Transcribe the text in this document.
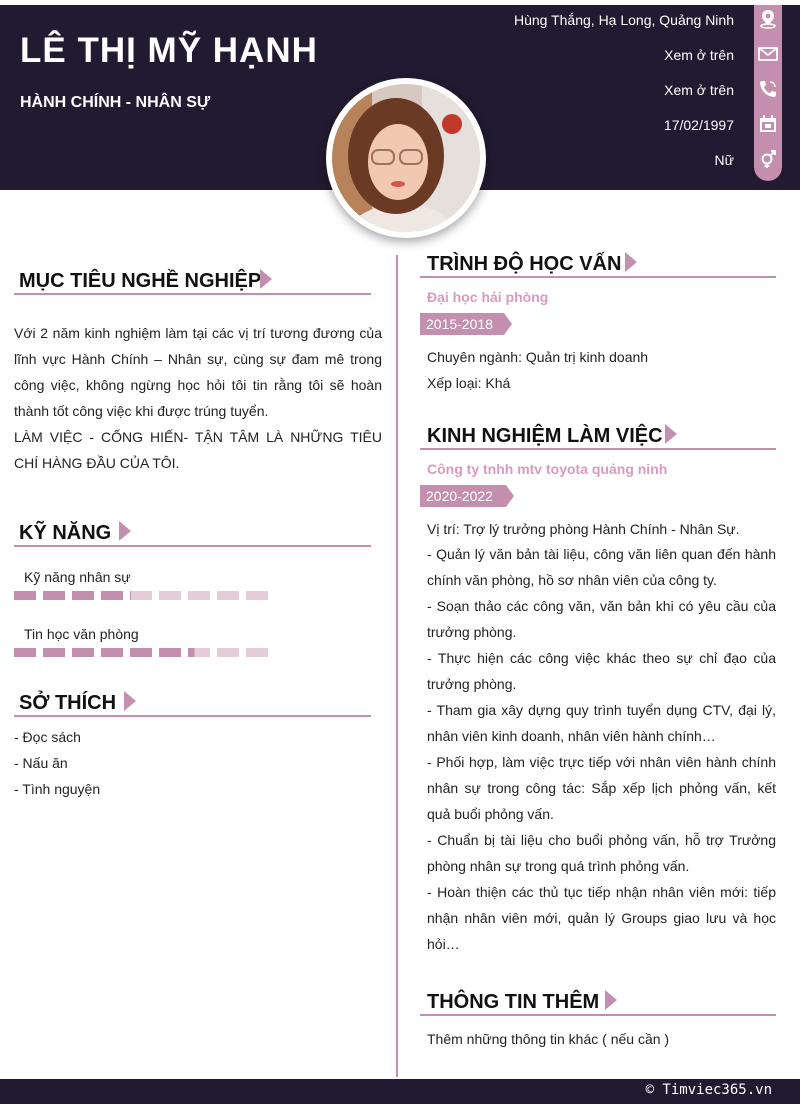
LÊ THỊ MỸ HẠNH
HÀNH CHÍNH - NHÂN SỰ
Hùng Thắng, Hạ Long, Quảng Ninh
Xem ở trên
Xem ở trên
17/02/1997
Nữ
MỤC TIÊU NGHỀ NGHIỆP
Với 2 năm kinh nghiệm làm tại các vị trí tương đương của lĩnh vực Hành Chính – Nhân sự, cùng sự đam mê trong công việc, không ngừng học hỏi tôi tin rằng tôi sẽ hoàn thành tốt công việc khi được trúng tuyển.
LÀM VIỆC - CỐNG HIẾN- TẬN TÂM LÀ NHỮNG TIÊU CHÍ HÀNG ĐẦU CỦA TÔI.
KỸ NĂNG
Kỹ năng nhân sự
Tin học văn phòng
SỞ THÍCH
- Đọc sách
- Nấu ăn
- Tình nguyện
TRÌNH ĐỘ HỌC VẤN
Đại học hải phòng
2015-2018
Chuyên ngành: Quản trị kinh doanh
Xếp loại: Khá
KINH NGHIỆM LÀM VIỆC
Công ty tnhh mtv toyota quảng ninh
2020-2022
Vị trí: Trợ lý trưởng phòng Hành Chính - Nhân Sự.
- Quản lý văn bản tài liệu, công văn liên quan đến hành chính văn phòng, hồ sơ nhân viên của công ty.
- Soạn thảo các công văn, văn bản khi có yêu cầu của trưởng phòng.
- Thực hiện các công việc khác theo sự chỉ đạo của trưởng phòng.
- Tham gia xây dựng quy trình tuyển dụng CTV, đại lý, nhân viên kinh doanh, nhân viên hành chính…
- Phối hợp, làm việc trực tiếp với nhân viên hành chính nhân sự trong công tác: Sắp xếp lịch phỏng vấn, kết quả buổi phỏng vấn.
- Chuẩn bị tài liệu cho buổi phỏng vấn, hỗ trợ Trưởng phòng nhân sự trong quá trình phỏng vấn.
- Hoàn thiện các thủ tục tiếp nhận nhân viên mới: tiếp nhận nhân viên mới, quản lý Groups giao lưu và học hỏi…
THÔNG TIN THÊM
Thêm những thông tin khác ( nếu cần )
© Timviec365.vn
